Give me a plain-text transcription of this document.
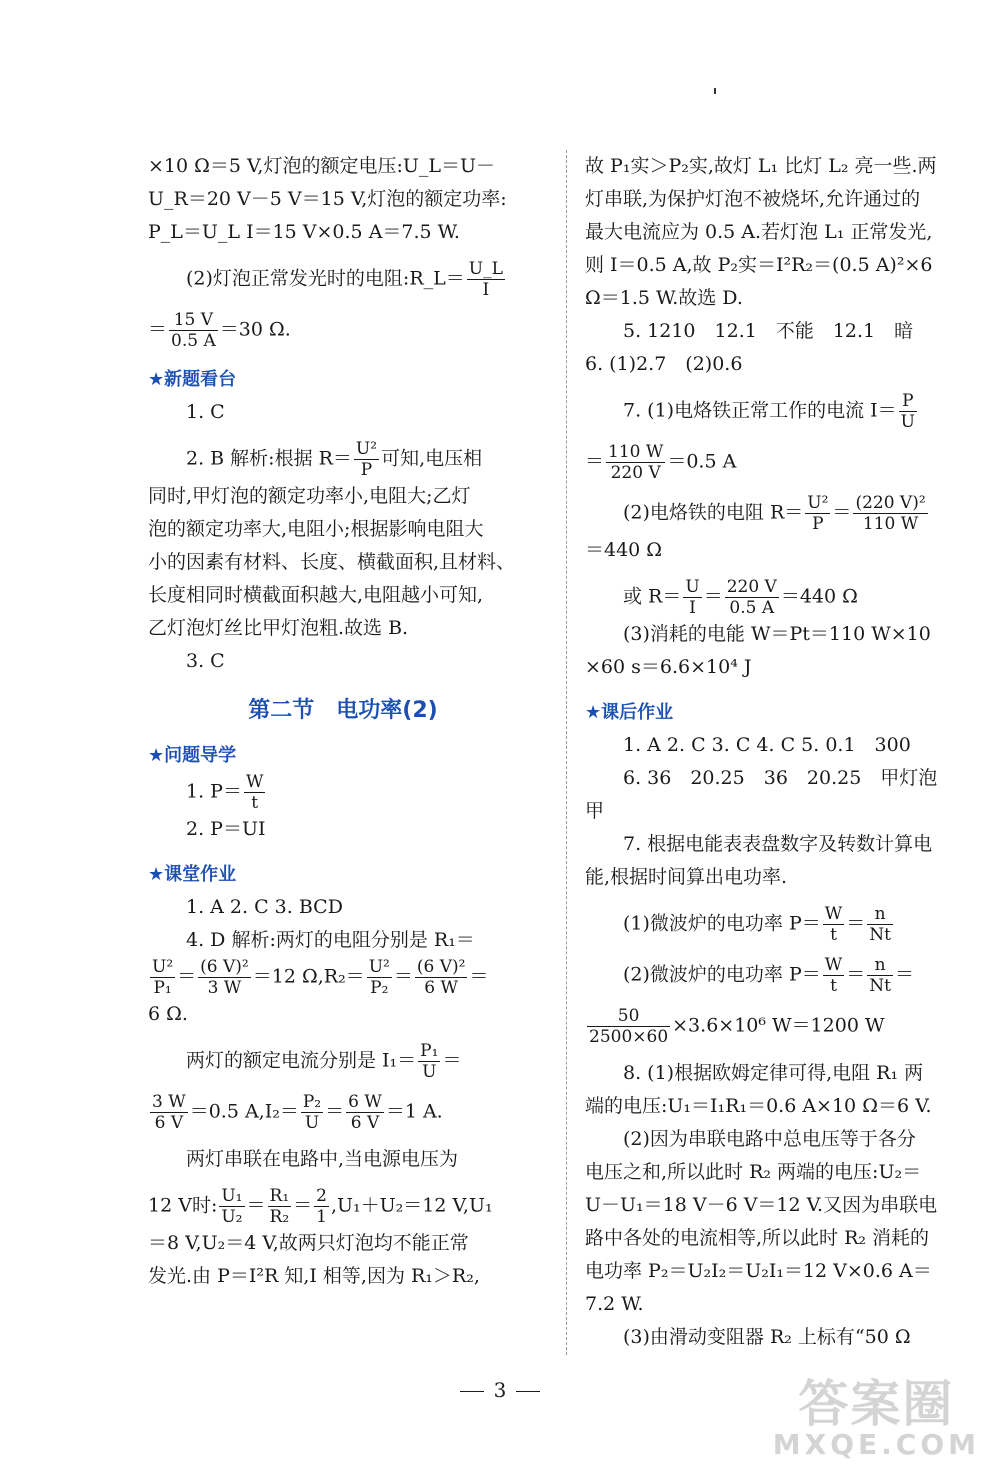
×10 Ω＝5 V,灯泡的额定电压:U_L＝U－
U_R＝20 V－5 V＝15 V,灯泡的额定功率:
P_L＝U_L I＝15 V×0.5 A＝7.5 W.
(2)灯泡正常发光时的电阻:R_L＝ $\frac{U\_L}{I}$
＝ $\frac{15 V}{0.5 A} =30$ Ω.
★新题看台
1. C
2. B 解析:根据 $R= \frac{\text{U²}}{P}$ 可知,电压相
同时,甲灯泡的额定功率小,电阻大;乙灯
泡的额定功率大,电阻小;根据影响电阻大
小的因素有材料、长度、横截面积,且材料、
长度相同时横截面积越大,电阻越小可知,
乙灯泡灯丝比甲灯泡粗.故选 B.
3. C
第二节　电功率(2)
★问题导学
1. $P= \frac{W}{t}$
2. P＝UI
★课堂作业
1. A 2. C 3. BCD
4. D 解析:两灯的电阻分别是 R₁＝
$\frac{\text{U²}}{\text{P₁}} = \frac{\text{(6 V)²}}{3 W} =12$ $\Omega,R_2= \frac{\text{U²}}{\text{P₂}} = \frac{\text{(6 V)²}}{6 W}$ ＝
6 Ω.
两灯的额定电流分别是 $I_1= \frac{\text{P₁}}{U}$ ＝
$\frac{3 W}{6 V} =0.5$ $A,I_2= \frac{\text{P₂}}{U} = \frac{6 W}{6 V} =1$ A.
两灯串联在电路中,当电源电压为
12 V时: $\frac{\text{U₁}}{\text{U₂}} = \frac{\text{R₁}}{\text{R₂}} = \frac{2}{1} ,U_1+U_2=12$ V,U₁
＝8 V,U₂＝4 V,故两只灯泡均不能正常
发光.由 P＝I²R 知,I 相等,因为 R₁＞R₂,
故 P₁实＞P₂实,故灯 L₁ 比灯 L₂ 亮一些.两
灯串联,为保护灯泡不被烧坏,允许通过的
最大电流应为 0.5 A.若灯泡 L₁ 正常发光,
则 I＝0.5 A,故 P₂实＝I²R₂＝(0.5 A)²×6
Ω＝1.5 W.故选 D.
5. 1210　12.1　不能　12.1　暗
6. (1)2.7　(2)0.6
7. (1)电烙铁正常工作的电流 $I= \frac{P}{U}$
＝ $\frac{110 W}{220 V} =0.5$ A
(2)电烙铁的电阻 $R= \frac{\text{U²}}{P} = \frac{\text{(220 V)²}}{110 W}$
＝440 Ω
或 $R= \frac{U}{I} = \frac{220 V}{0.5 A} =440$ Ω
(3)消耗的电能 W＝Pt＝110 W×10
×60 s＝6.6×10⁴ J
★课后作业
1. A 2. C 3. C 4. C 5. 0.1　300
6. 36　20.25　36　20.25　甲灯泡
甲
7. 根据电能表表盘数字及转数计算电
能,根据时间算出电功率.
(1)微波炉的电功率 $P= \frac{W}{t} = \frac{n}{Nt}$
(2)微波炉的电功率 $P= \frac{W}{t} = \frac{n}{Nt}$ ＝
$\frac{50}{2500\times 60} \times 3.6\times 10^6$ W＝1200 W
8. (1)根据欧姆定律可得,电阻 R₁ 两
端的电压:U₁＝I₁R₁＝0.6 A×10 Ω＝6 V.
(2)因为串联电路中总电压等于各分
电压之和,所以此时 R₂ 两端的电压:U₂＝
U－U₁＝18 V－6 V＝12 V.又因为串联电
路中各处的电流相等,所以此时 R₂ 消耗的
电功率 P₂＝U₂I₂＝U₂I₁＝12 V×0.6 A＝
7.2 W.
(3)由滑动变阻器 R₂ 上标有“50 Ω
3	答案圈
MXQE.COM
